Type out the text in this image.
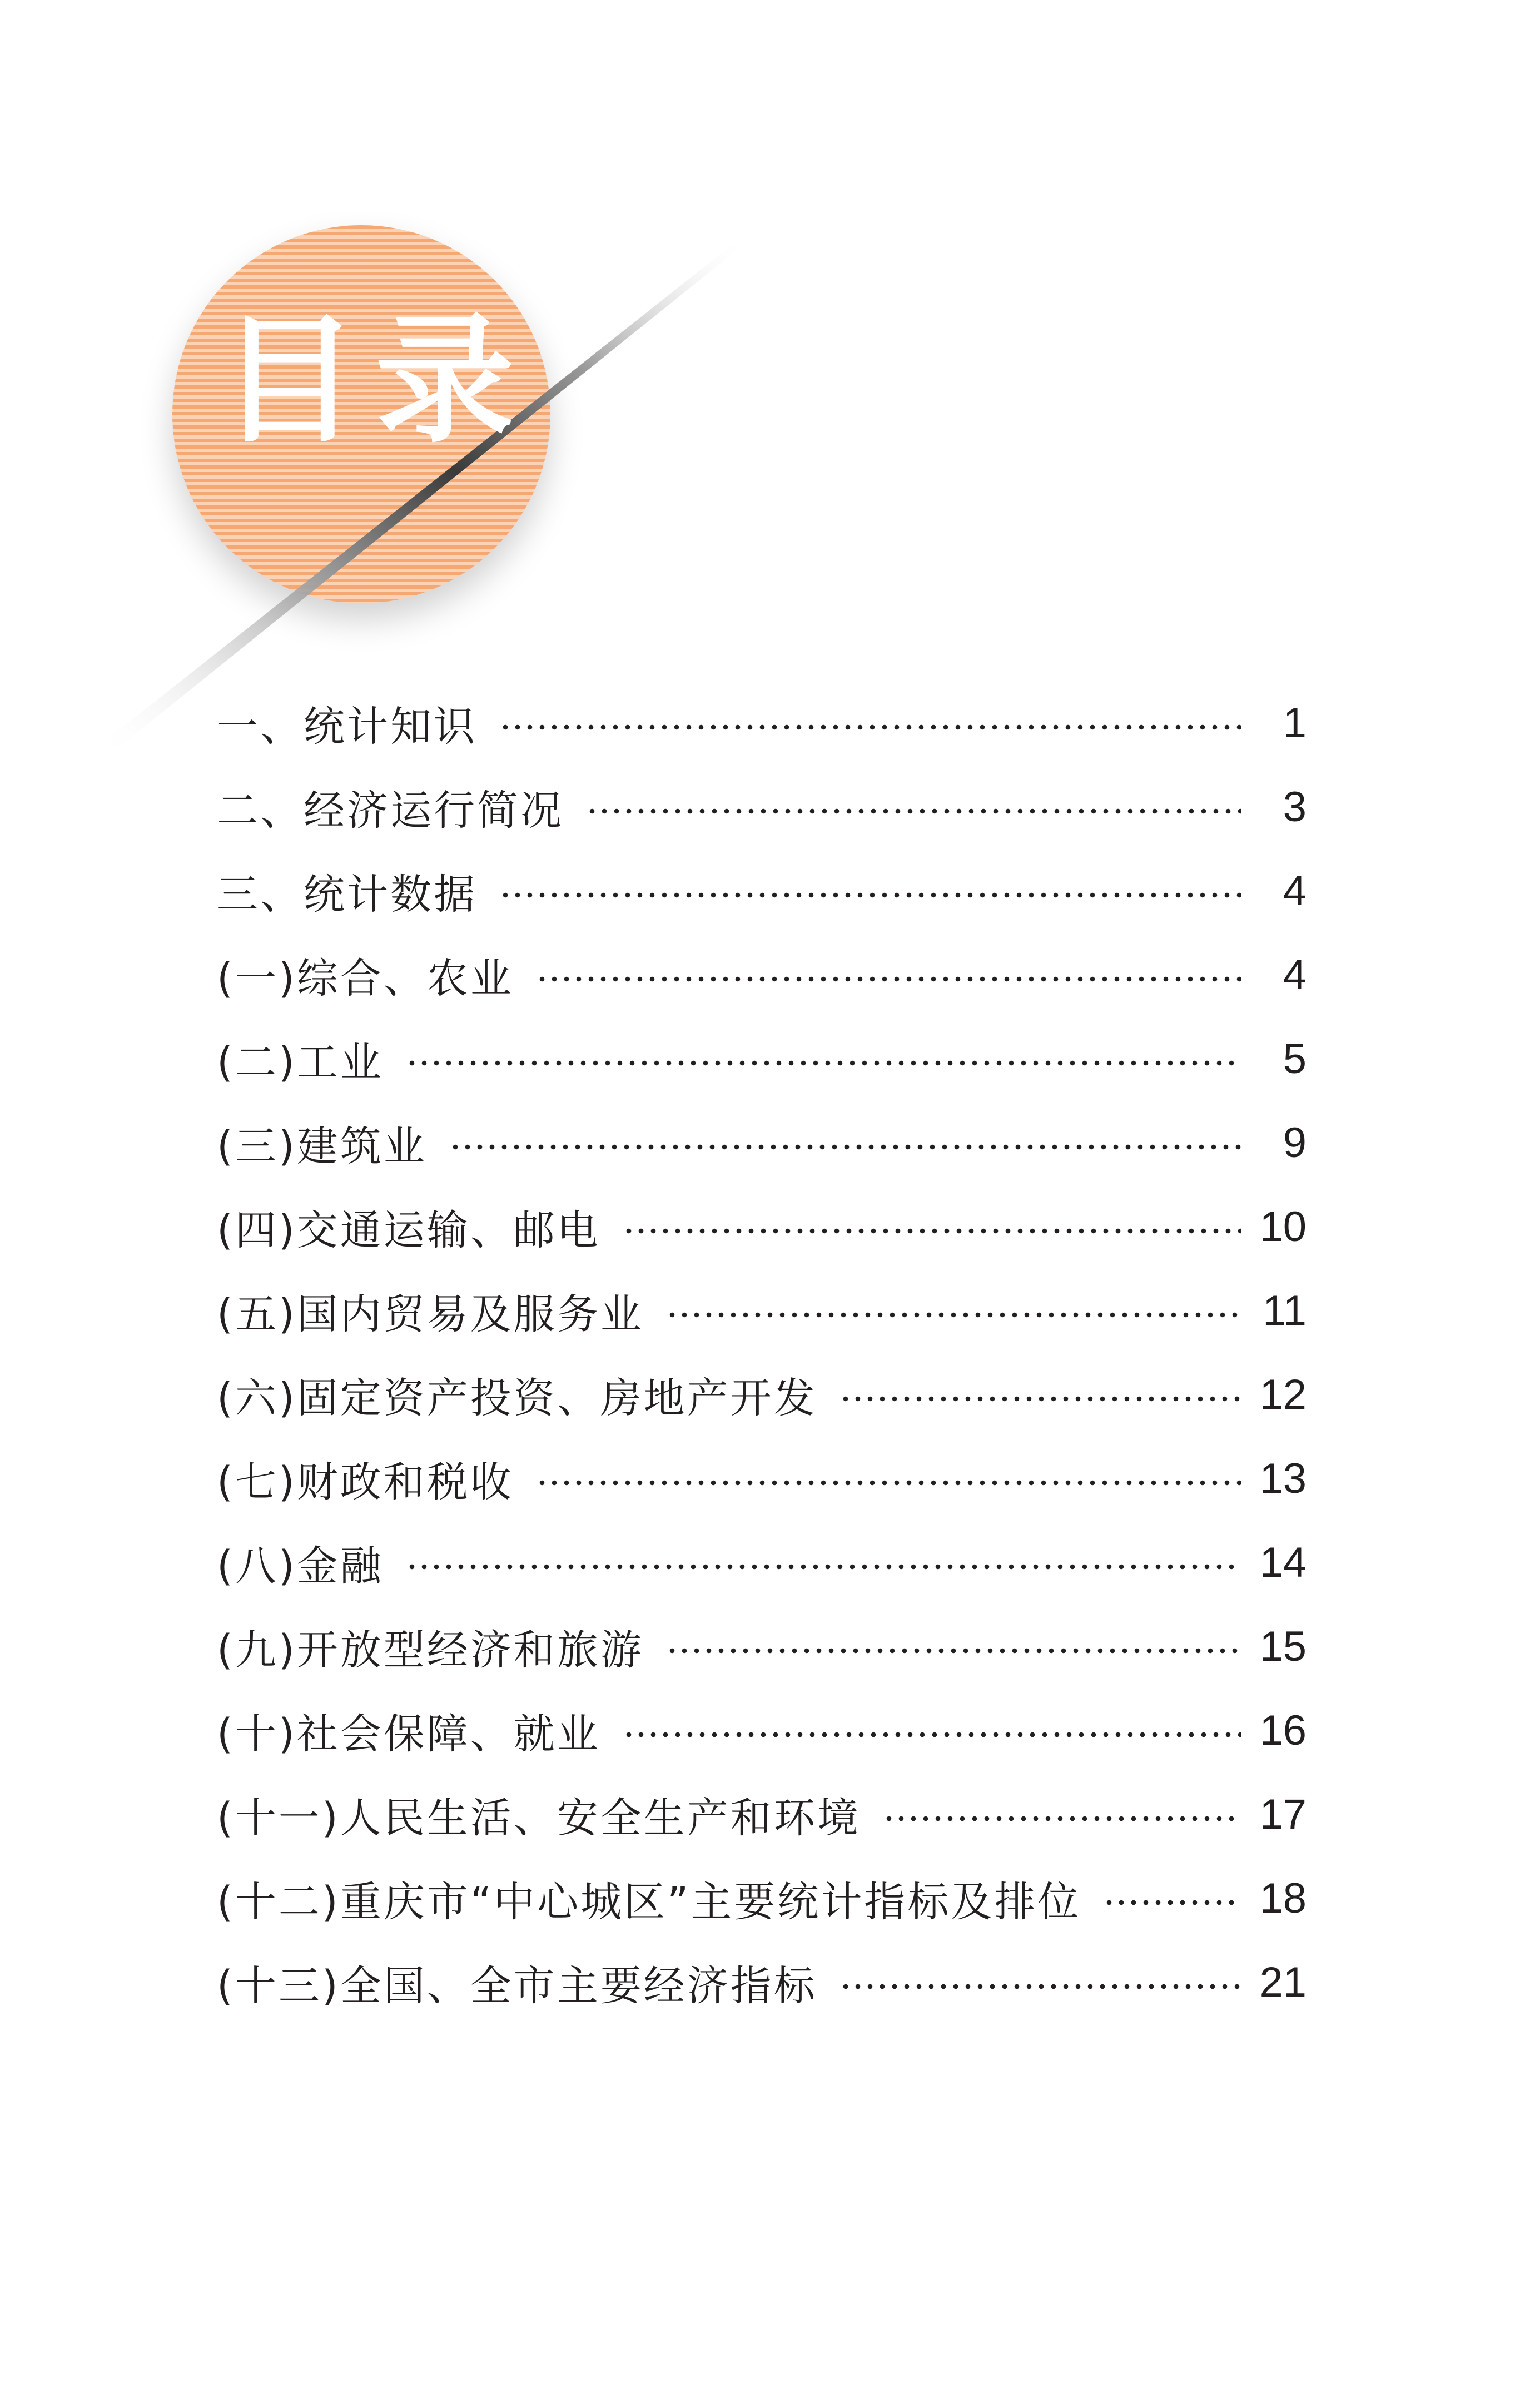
目录
一、统计知识	1
二、经济运行简况	3
三、统计数据	4
(一)综合、农业	4
(二)工业	5
(三)建筑业	9
(四)交通运输、邮电	10
(五)国内贸易及服务业	11
(六)固定资产投资、房地产开发	12
(七)财政和税收	13
(八)金融	14
(九)开放型经济和旅游	15
(十)社会保障、就业	16
(十一)人民生活、安全生产和环境	17
(十二)重庆市“中心城区”主要统计指标及排位	18
(十三)全国、全市主要经济指标	21
